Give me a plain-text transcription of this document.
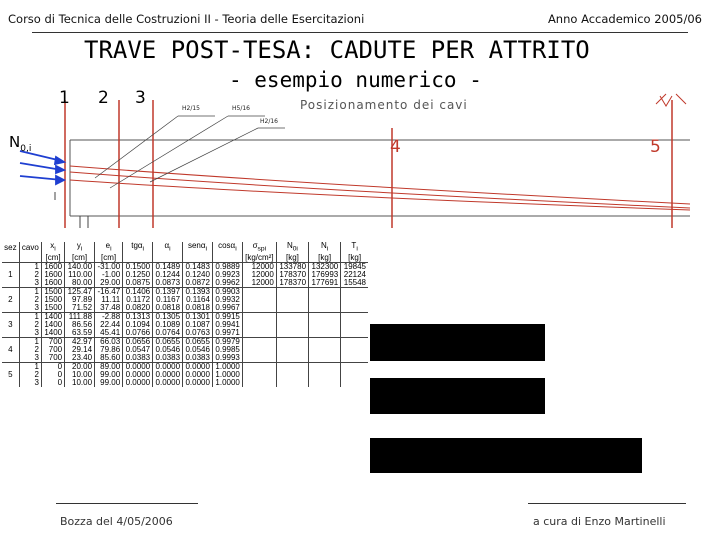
Corso di Tecnica delle Costruzioni II - Teoria delle Esercitazioni	Anno Accademico 2005/06
TRAVE POST-TESA: CADUTE PER ATTRITO
- esempio numerico -
1 2 3
4	5
$N_{0,i}$
Posizionamento dei cavi
H2/15	H5/16
H2/16
sez	cavo	$x_i$	$y_i$	$e_i$	tgα$_i$	$\alpha_i$	senα$_i$	cosα$_i$	$\sigma_{spi}$	$N_{0i}$	$N_i$	$T_i$
		[cm]	[cm]	[cm]					[kg/cm²]	[kg]	[kg]	[kg]
	1	1600	140.00	-31.00	0.1500	0.1489	0.1483	0.9889	12000	133780	132300	19845
1	2	1600	110.00	-1.00	0.1250	0.1244	0.1240	0.9923	12000	178370	176993	22124
	3	1600	80.00	29.00	0.0875	0.0873	0.0872	0.9962	12000	178370	177691	15548
	1	1500	125.47	-16.47	0.1406	0.1397	0.1393	0.9903				
2	2	1500	97.89	11.11	0.1172	0.1167	0.1164	0.9932				
	3	1500	71.52	37.48	0.0820	0.0818	0.0818	0.9967				
	1	1400	111.88	-2.88	0.1313	0.1305	0.1301	0.9915				
3	2	1400	86.56	22.44	0.1094	0.1089	0.1087	0.9941				
	3	1400	63.59	45.41	0.0766	0.0764	0.0763	0.9971				
	1	700	42.97	66.03	0.0656	0.0655	0.0655	0.9979				
4	2	700	29.14	79.86	0.0547	0.0546	0.0546	0.9985				
	3	700	23.40	85.60	0.0383	0.0383	0.0383	0.9993				
	1	0	20.00	89.00	0.0000	0.0000	0.0000	1.0000				
5	2	0	10.00	99.00	0.0000	0.0000	0.0000	1.0000				
	3	0	10.00	99.00	0.0000	0.0000	0.0000	1.0000				
Bozza del 4/05/2006	a cura di Enzo Martinelli
